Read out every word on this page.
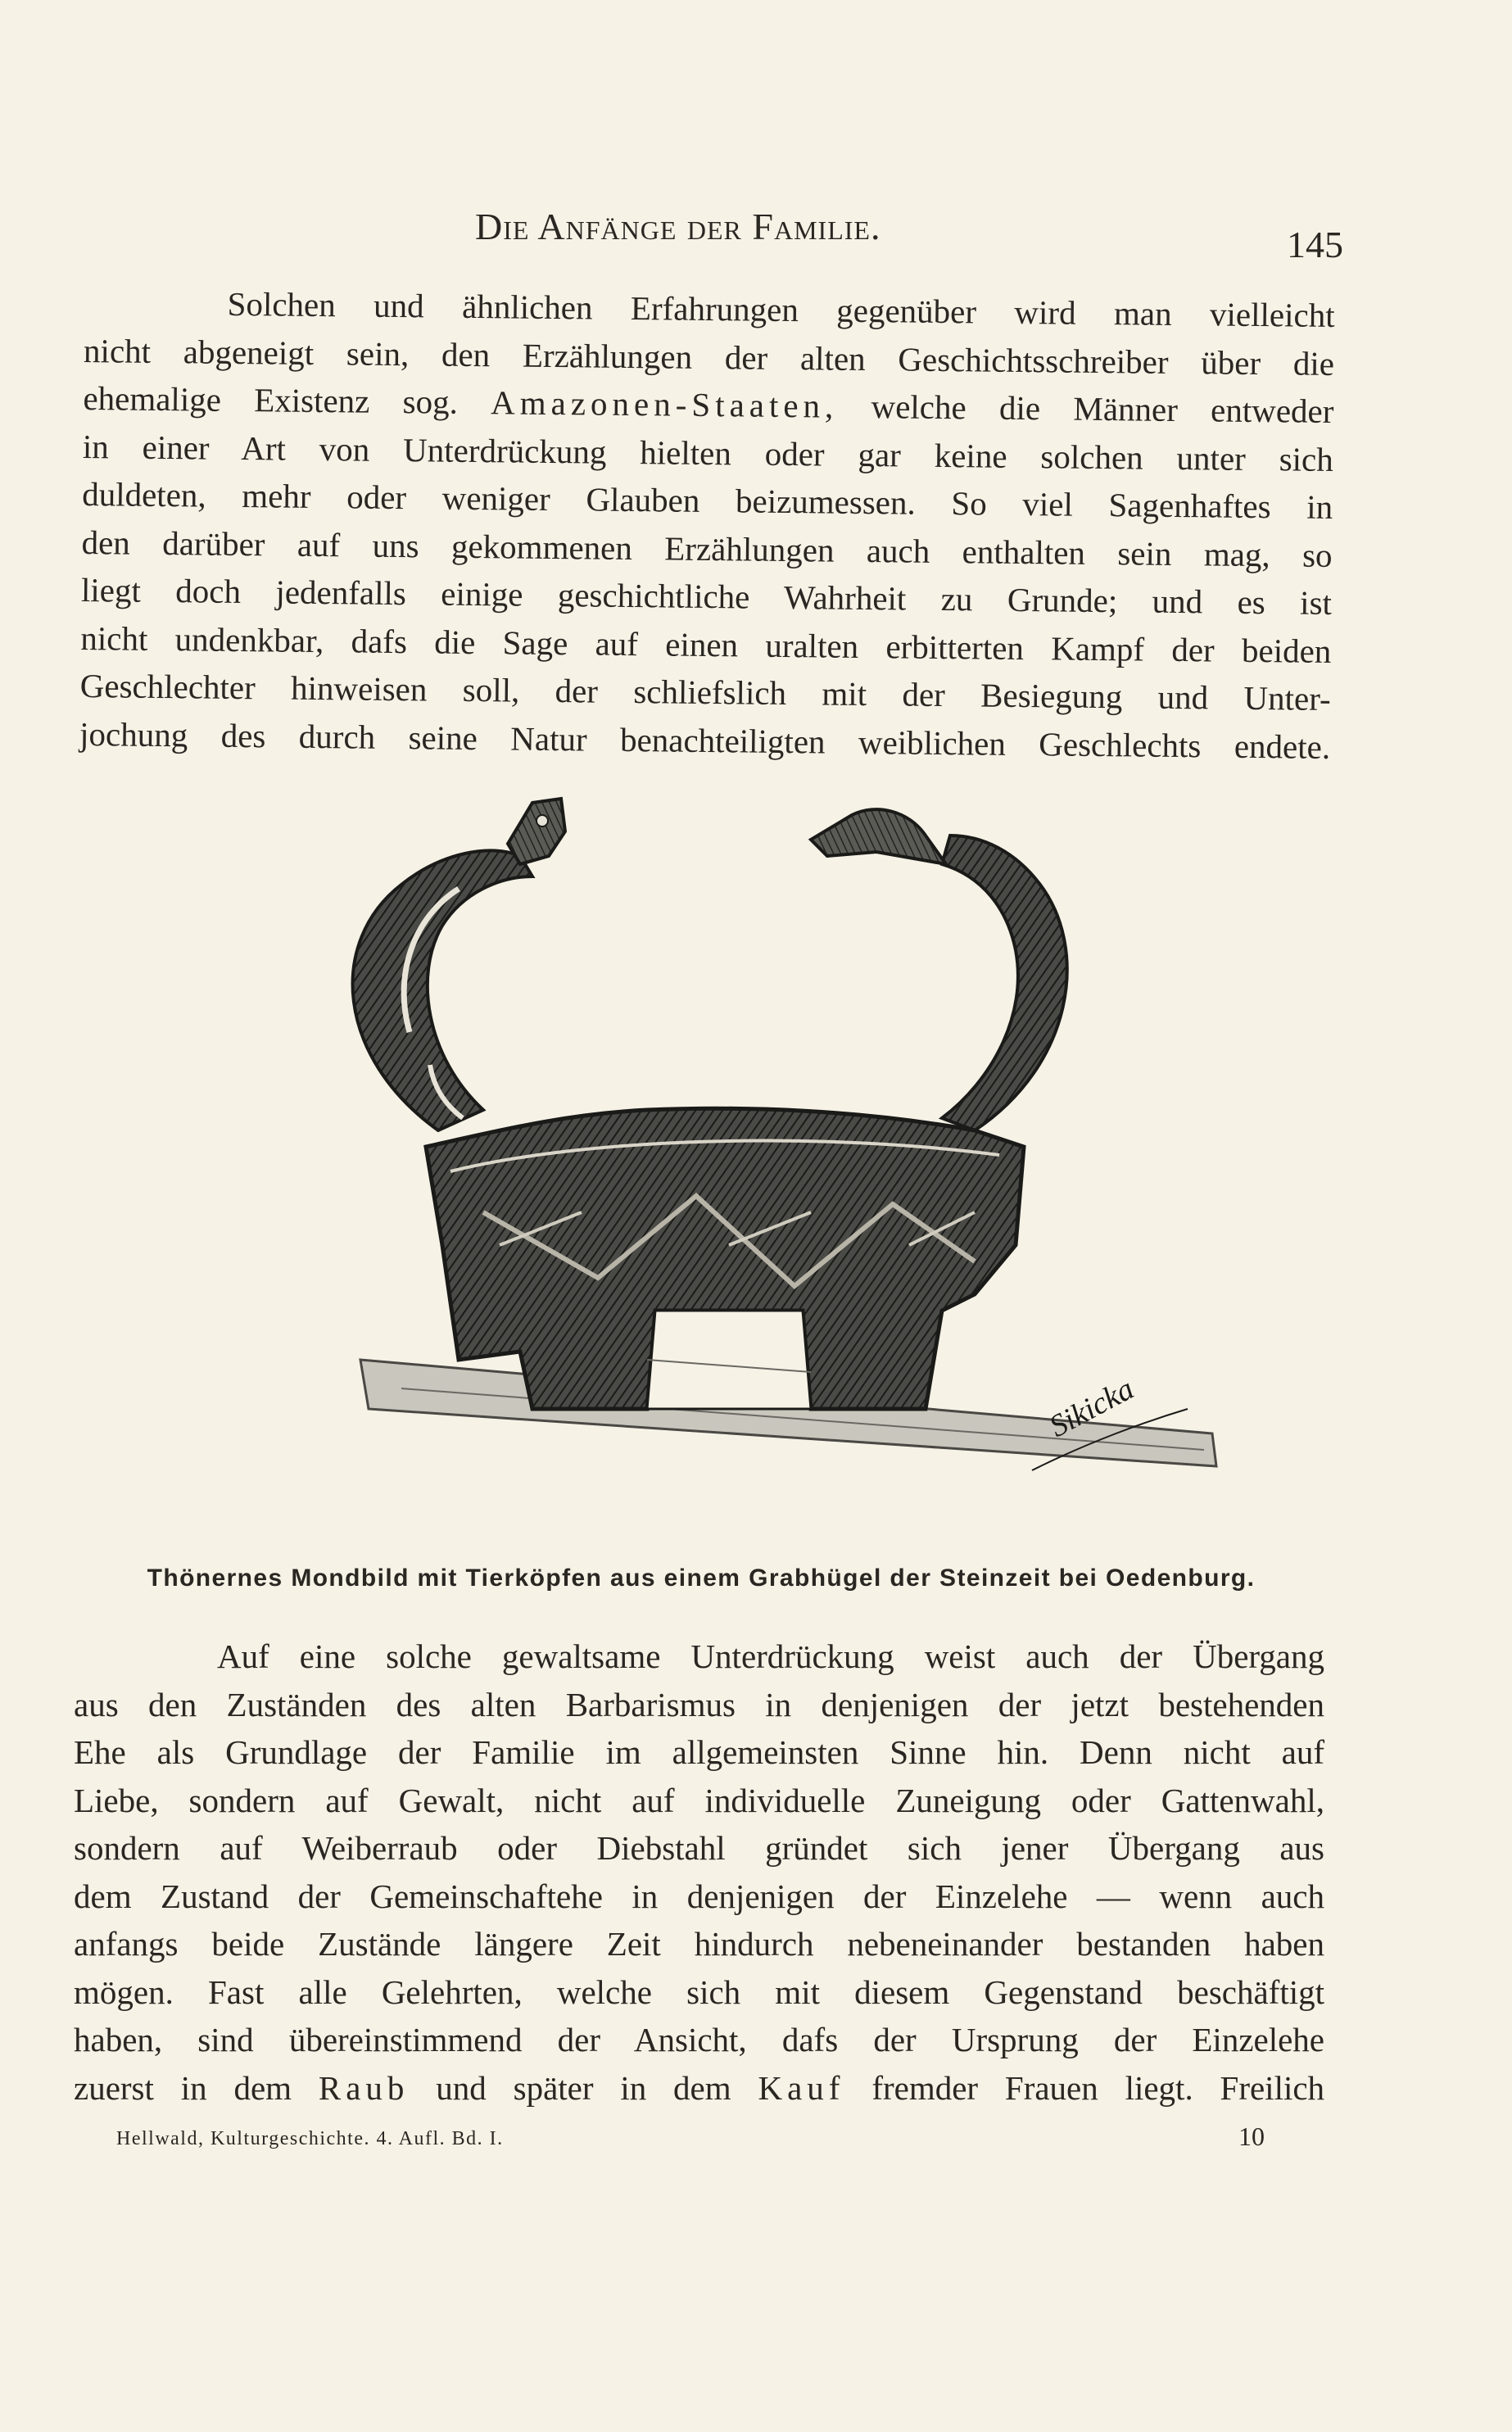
Die Anfänge der Familie.	145
Solchen und ähnlichen Erfahrungen gegenüber wird man vielleicht
nicht abgeneigt sein, den Erzählungen der alten Geschichtsschreiber über die
ehemalige Existenz sog. Amazonen-Staaten, welche die Männer entweder
in einer Art von Unterdrückung hielten oder gar keine solchen unter sich
duldeten, mehr oder weniger Glauben beizumessen. So viel Sagenhaftes in
den darüber auf uns gekommenen Erzählungen auch enthalten sein mag, so
liegt doch jedenfalls einige geschichtliche Wahrheit zu Grunde; und es ist
nicht undenkbar, dafs die Sage auf einen uralten erbitterten Kampf der beiden
Geschlechter hinweisen soll, der schliefslich mit der Besiegung und Unter-
jochung des durch seine Natur benachteiligten weiblichen Geschlechts endete.
Sikicka
Thönernes Mondbild mit Tierköpfen aus einem Grabhügel der Steinzeit bei Oedenburg.
Auf eine solche gewaltsame Unterdrückung weist auch der Übergang
aus den Zuständen des alten Barbarismus in denjenigen der jetzt bestehenden
Ehe als Grundlage der Familie im allgemeinsten Sinne hin. Denn nicht auf
Liebe, sondern auf Gewalt, nicht auf individuelle Zuneigung oder Gattenwahl,
sondern auf Weiberraub oder Diebstahl gründet sich jener Übergang aus
dem Zustand der Gemeinschaftehe in denjenigen der Einzelehe — wenn auch
anfangs beide Zustände längere Zeit hindurch nebeneinander bestanden haben
mögen. Fast alle Gelehrten, welche sich mit diesem Gegenstand beschäftigt
haben, sind übereinstimmend der Ansicht, dafs der Ursprung der Einzelehe
zuerst in dem Raub und später in dem Kauf fremder Frauen liegt. Freilich
Hellwald, Kulturgeschichte. 4. Aufl. Bd. I.	10
